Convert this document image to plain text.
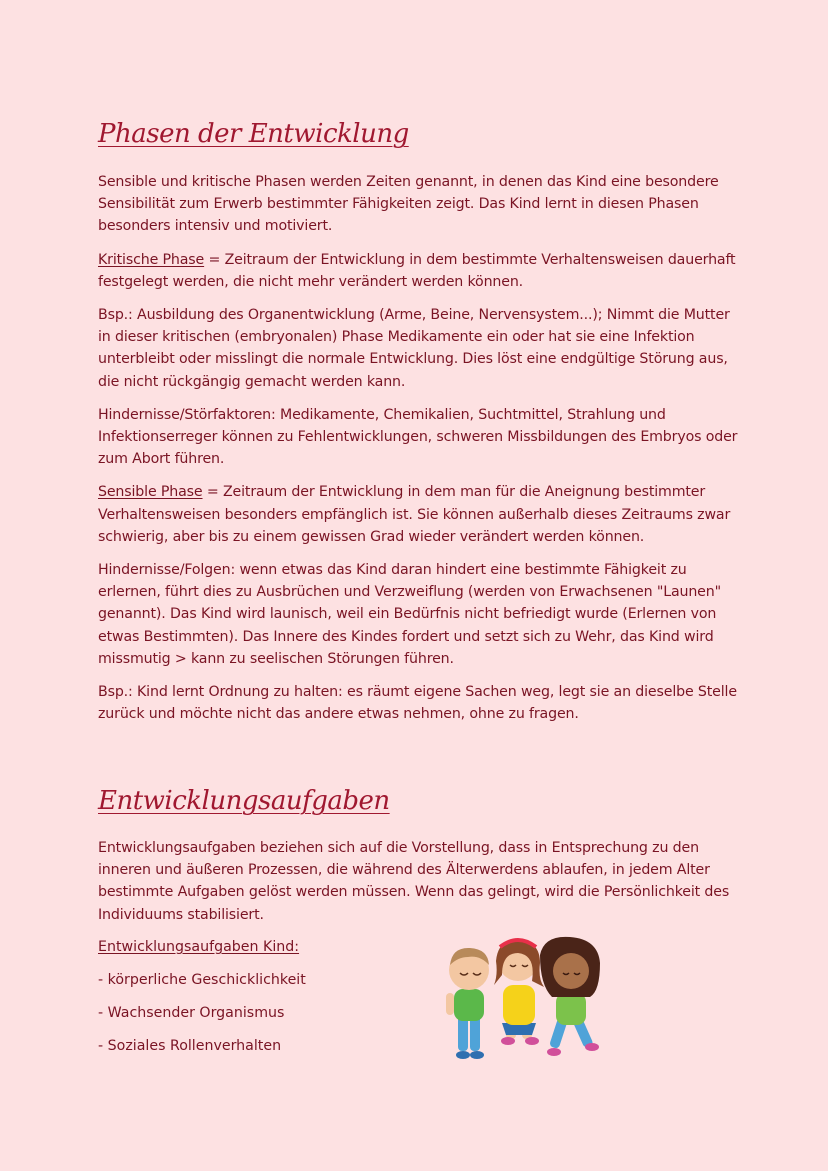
Phasen der Entwicklung

Sensible und kritische Phasen werden Zeiten genannt, in denen das Kind eine besondere Sensibilität zum Erwerb bestimmter Fähigkeiten zeigt. Das Kind lernt in diesen Phasen besonders intensiv und motiviert.

Kritische Phase = Zeitraum der Entwicklung in dem bestimmte Verhaltensweisen dauerhaft festgelegt werden, die nicht mehr verändert werden können.

Bsp.: Ausbildung des Organentwicklung (Arme, Beine, Nervensystem...); Nimmt die Mutter in dieser kritischen (embryonalen) Phase Medikamente ein oder hat sie eine Infektion unterbleibt oder misslingt die normale Entwicklung. Dies löst eine endgültige Störung aus, die nicht rückgängig gemacht werden kann.

Hindernisse/Störfaktoren: Medikamente, Chemikalien, Suchtmittel, Strahlung und Infektionserreger können zu Fehlentwicklungen, schweren Missbildungen des Embryos oder zum Abort führen.

Sensible Phase = Zeitraum der Entwicklung in dem man für die Aneignung bestimmter Verhaltensweisen besonders empfänglich ist. Sie können außerhalb dieses Zeitraums zwar schwierig, aber bis zu einem gewissen Grad wieder verändert werden können.

Hindernisse/Folgen: wenn etwas das Kind daran hindert eine bestimmte Fähigkeit zu erlernen, führt dies zu Ausbrüchen und Verzweiflung (werden von Erwachsenen "Launen" genannt). Das Kind wird launisch, weil ein Bedürfnis nicht befriedigt wurde (Erlernen von etwas Bestimmten). Das Innere des Kindes fordert und setzt sich zu Wehr, das Kind wird missmutig > kann zu seelischen Störungen führen.

Bsp.: Kind lernt Ordnung zu halten: es räumt eigene Sachen weg, legt sie an dieselbe Stelle zurück und möchte nicht das andere etwas nehmen, ohne zu fragen.

Entwicklungsaufgaben

Entwicklungsaufgaben beziehen sich auf die Vorstellung, dass in Entsprechung zu den inneren und äußeren Prozessen, die während des Älterwerdens ablaufen, in jedem Alter bestimmte Aufgaben gelöst werden müssen. Wenn das gelingt, wird die Persönlichkeit des Individuums stabilisiert.

Entwicklungsaufgaben Kind:
- körperliche Geschicklichkeit
- Wachsender Organismus
- Soziales Rollenverhalten
